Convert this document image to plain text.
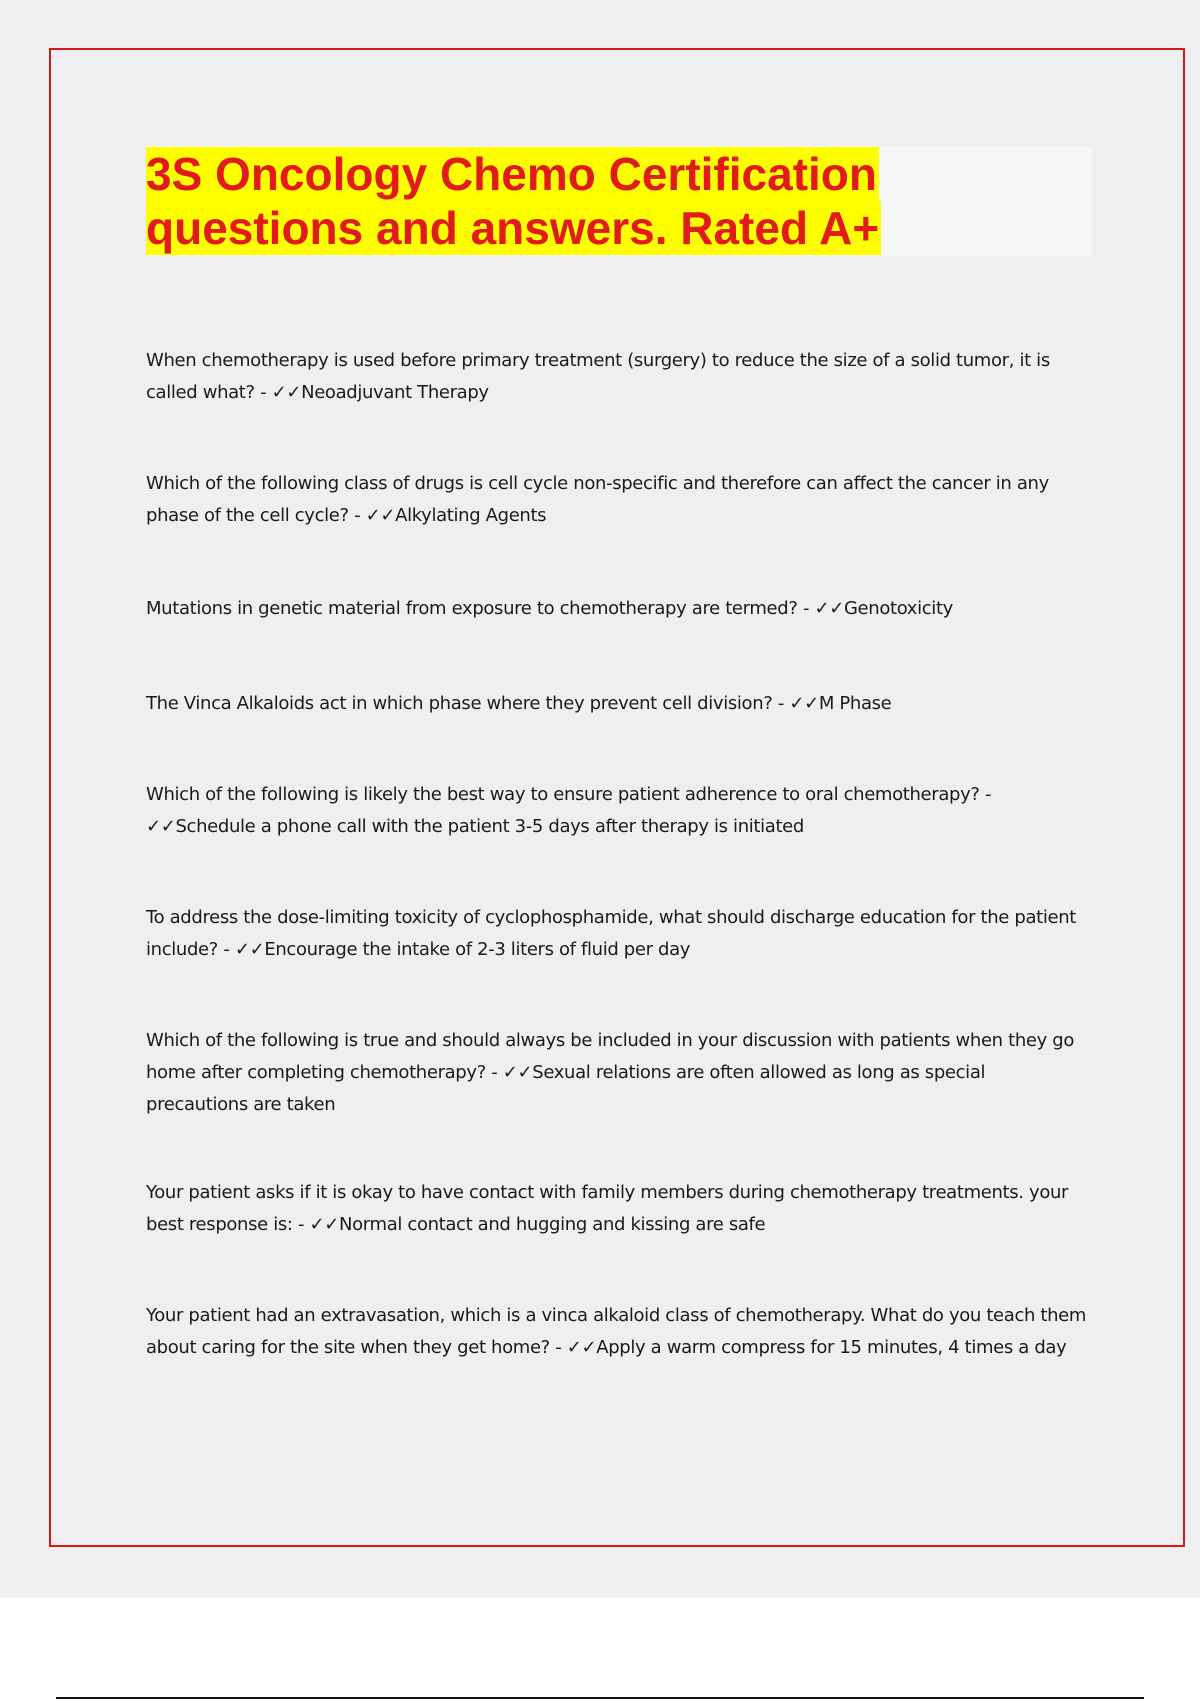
3S Oncology Chemo Certification
questions and answers. Rated A+

When chemotherapy is used before primary treatment (surgery) to reduce the size of a solid tumor, it is called what? - ✓✓Neoadjuvant Therapy

Which of the following class of drugs is cell cycle non-specific and therefore can affect the cancer in any phase of the cell cycle? - ✓✓Alkylating Agents

Mutations in genetic material from exposure to chemotherapy are termed? - ✓✓Genotoxicity

The Vinca Alkaloids act in which phase where they prevent cell division? - ✓✓M Phase

Which of the following is likely the best way to ensure patient adherence to oral chemotherapy? - ✓✓Schedule a phone call with the patient 3-5 days after therapy is initiated

To address the dose-limiting toxicity of cyclophosphamide, what should discharge education for the patient include? - ✓✓Encourage the intake of 2-3 liters of fluid per day

Which of the following is true and should always be included in your discussion with patients when they go home after completing chemotherapy? - ✓✓Sexual relations are often allowed as long as special precautions are taken

Your patient asks if it is okay to have contact with family members during chemotherapy treatments. your best response is: - ✓✓Normal contact and hugging and kissing are safe

Your patient had an extravasation, which is a vinca alkaloid class of chemotherapy. What do you teach them about caring for the site when they get home? - ✓✓Apply a warm compress for 15 minutes, 4 times a day
